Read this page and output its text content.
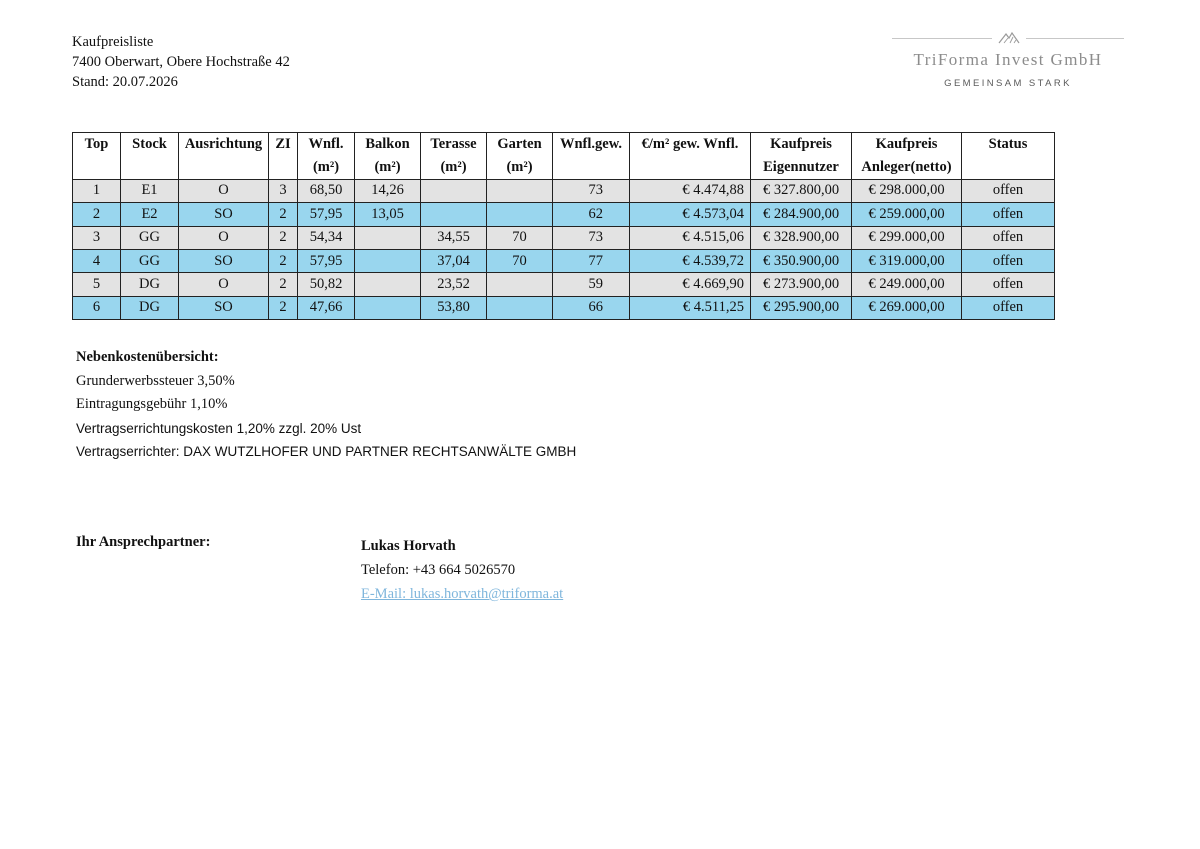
Kaufpreisliste
7400 Oberwart, Obere Hochstraße 42
Stand: 20.07.2026
TriForma Invest GmbH
GEMEINSAM STARK
Top	Stock	Ausrichtung	ZI	Wnfl.	Balkon	Terasse	Garten	Wnfl.gew.	€/m² gew. Wnfl.	Kaufpreis	Kaufpreis	Status
				(m²)	(m²)	(m²)	(m²)			Eigennutzer	Anleger(netto)	
1	E1	O	3	68,50	14,26			73	€ 4.474,88	€ 327.800,00	€ 298.000,00	offen
2	E2	SO	2	57,95	13,05			62	€ 4.573,04	€ 284.900,00	€ 259.000,00	offen
3	GG	O	2	54,34		34,55	70	73	€ 4.515,06	€ 328.900,00	€ 299.000,00	offen
4	GG	SO	2	57,95		37,04	70	77	€ 4.539,72	€ 350.900,00	€ 319.000,00	offen
5	DG	O	2	50,82		23,52		59	€ 4.669,90	€ 273.900,00	€ 249.000,00	offen
6	DG	SO	2	47,66		53,80		66	€ 4.511,25	€ 295.900,00	€ 269.000,00	offen
Nebenkostenübersicht:
Grunderwerbssteuer 3,50%
Eintragungsgebühr 1,10%
Vertragserrichtungskosten 1,20% zzgl. 20% Ust
Vertragserrichter: DAX WUTZLHOFER UND PARTNER RECHTSANWÄLTE GMBH
Ihr Ansprechpartner:	Lukas Horvath
Telefon: +43 664 5026570
E-Mail: lukas.horvath@triforma.at
